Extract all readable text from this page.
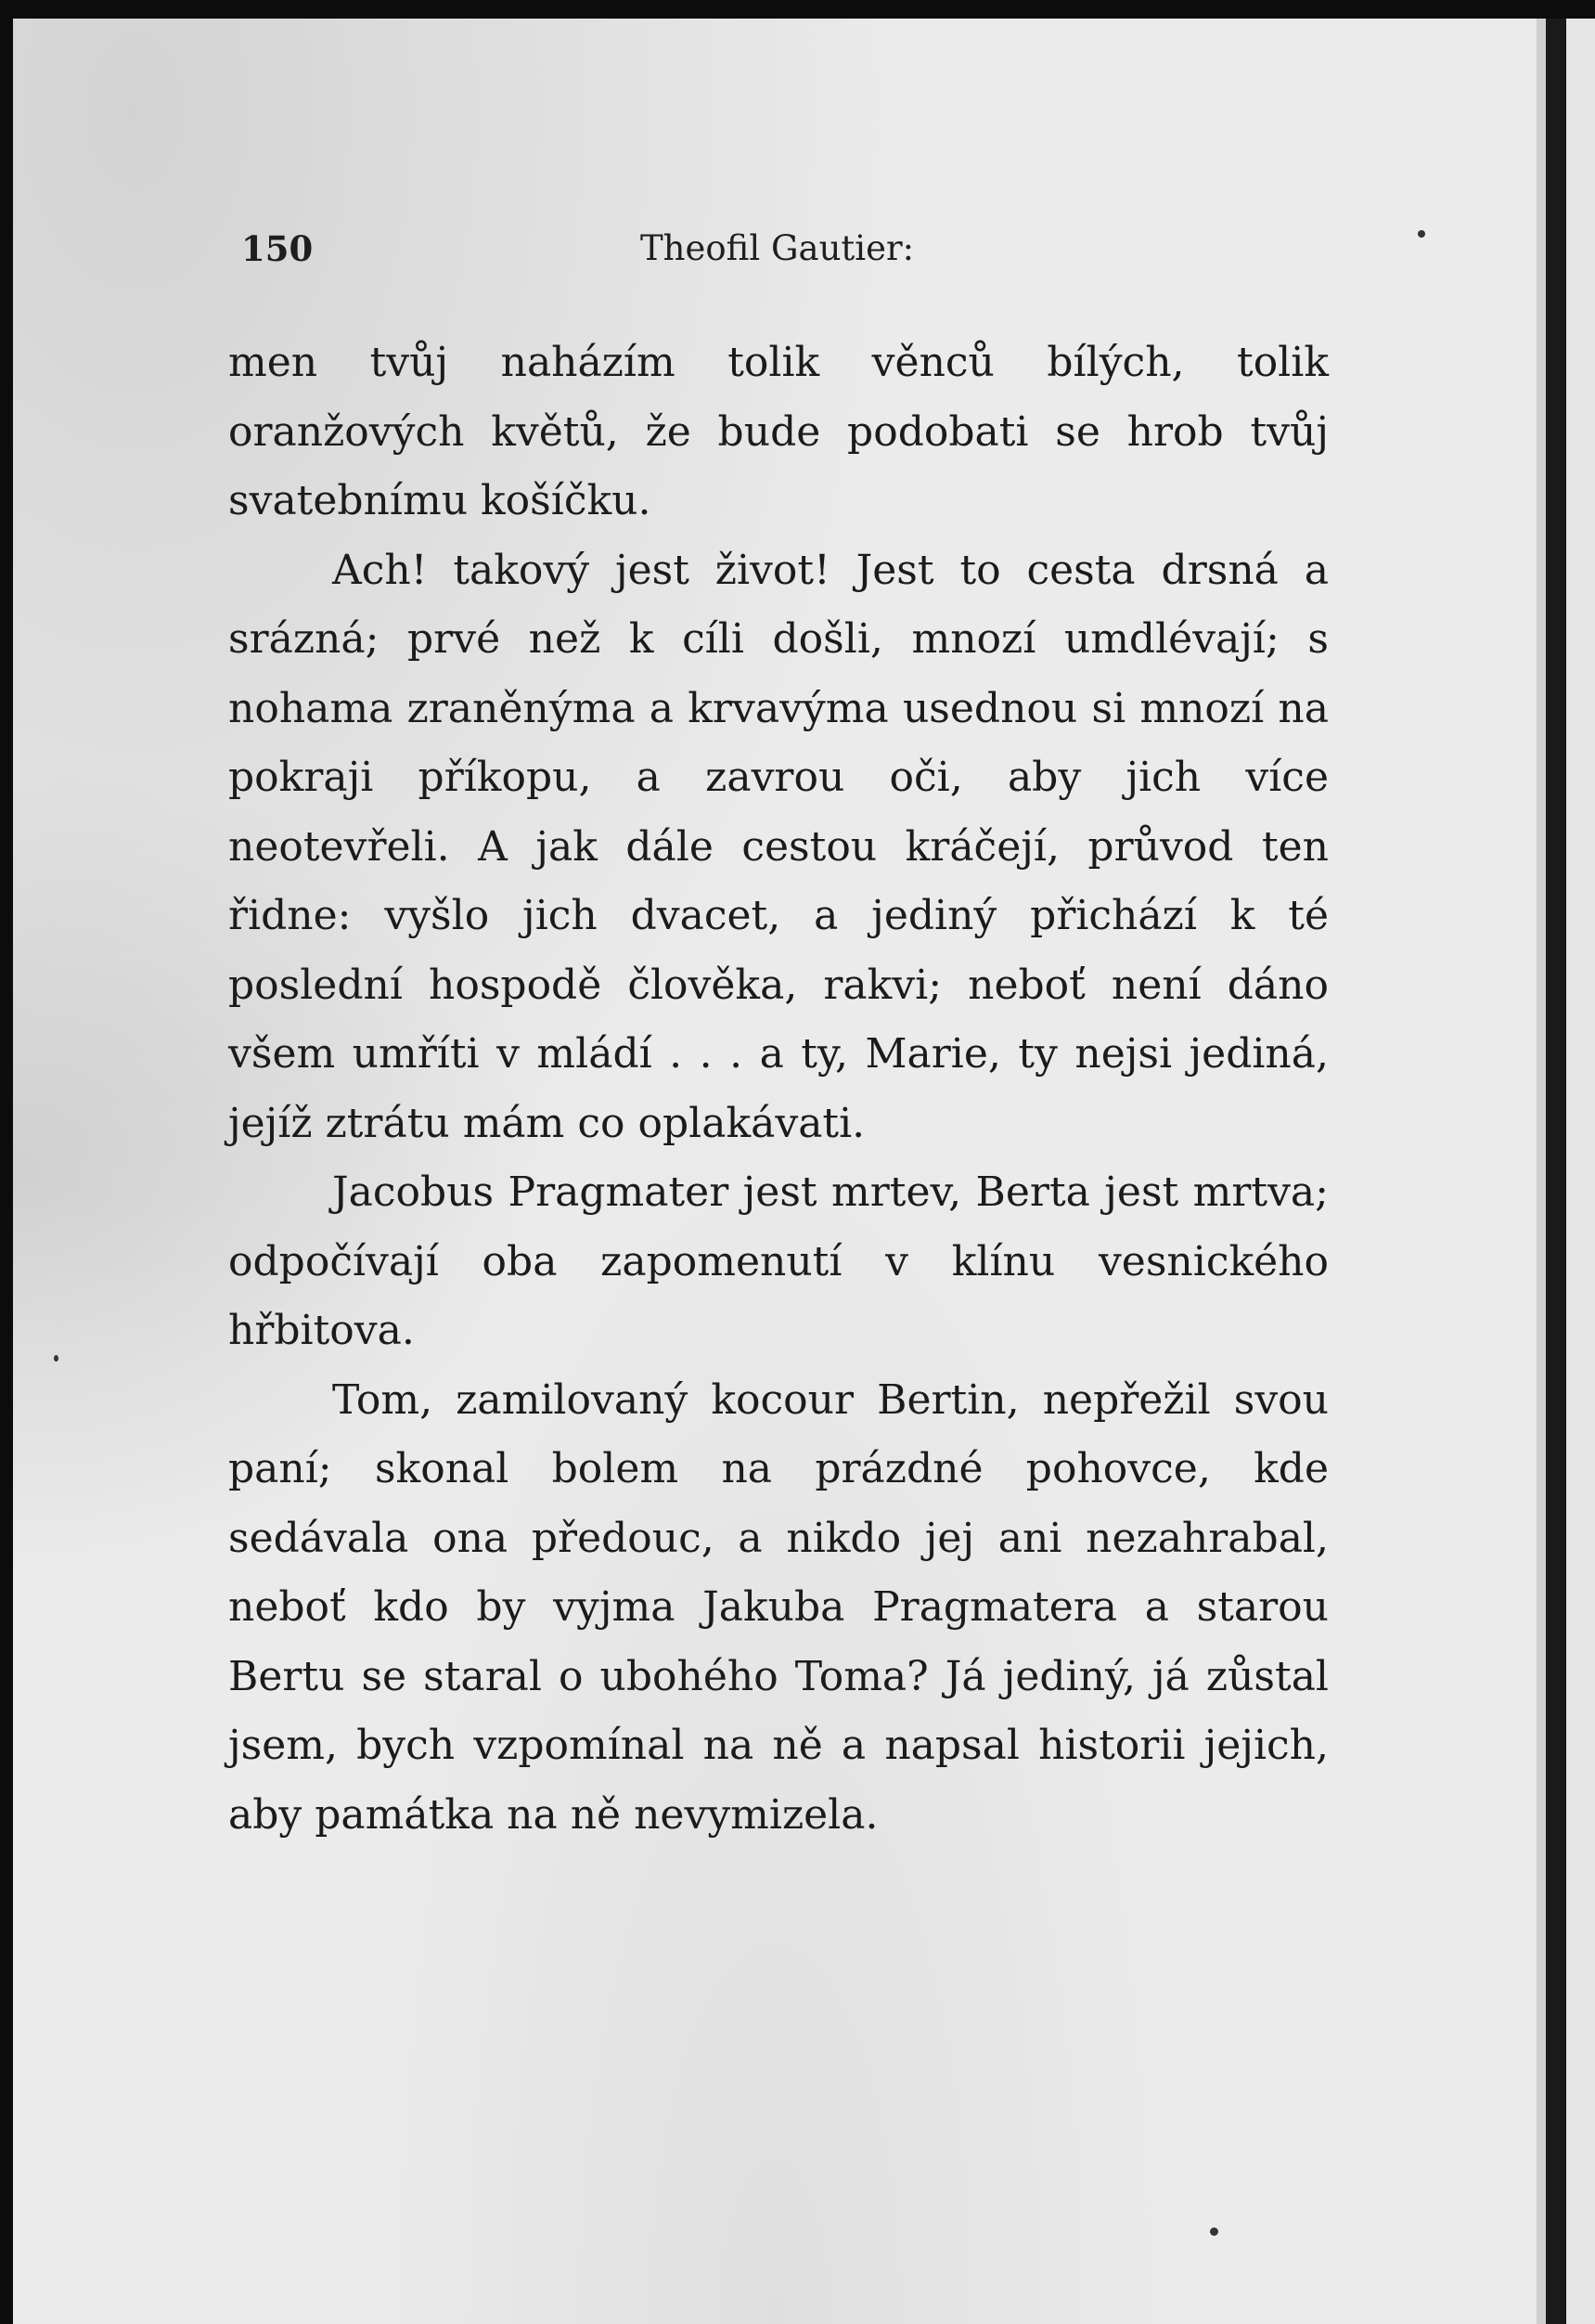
150	Theofil Gautier:

men tvůj naházím tolik věnců bílých, tolik oranžových květů, že bude podobati se hrob tvůj svatebnímu košíčku.

Ach! takový jest život! Jest to cesta drsná a srázná; prvé než k cíli došli, mnozí umdlévají; s nohama zraněnýma a krvavýma usednou si mnozí na pokraji příkopu, a zavrou oči, aby jich více neotevřeli. A jak dále cestou kráčejí, průvod ten řidne: vyšlo jich dvacet, a jediný přichází k té poslední hospodě člověka, rakvi; neboť není dáno všem umříti v mládí . . . a ty, Marie, ty nejsi jediná, jejíž ztrátu mám co oplakávati.

Jacobus Pragmater jest mrtev, Berta jest mrtva; odpočívají oba zapomenutí v klínu vesnického hřbitova.

Tom, zamilovaný kocour Bertin, nepřežil svou paní; skonal bolem na prázdné pohovce, kde sedávala ona předouc, a nikdo jej ani nezahrabal, neboť kdo by vyjma Jakuba Pragmatera a starou Bertu se staral o ubohého Toma? Já jediný, já zůstal jsem, bych vzpomínal na ně a napsal historii jejich, aby památka na ně nevymizela.
